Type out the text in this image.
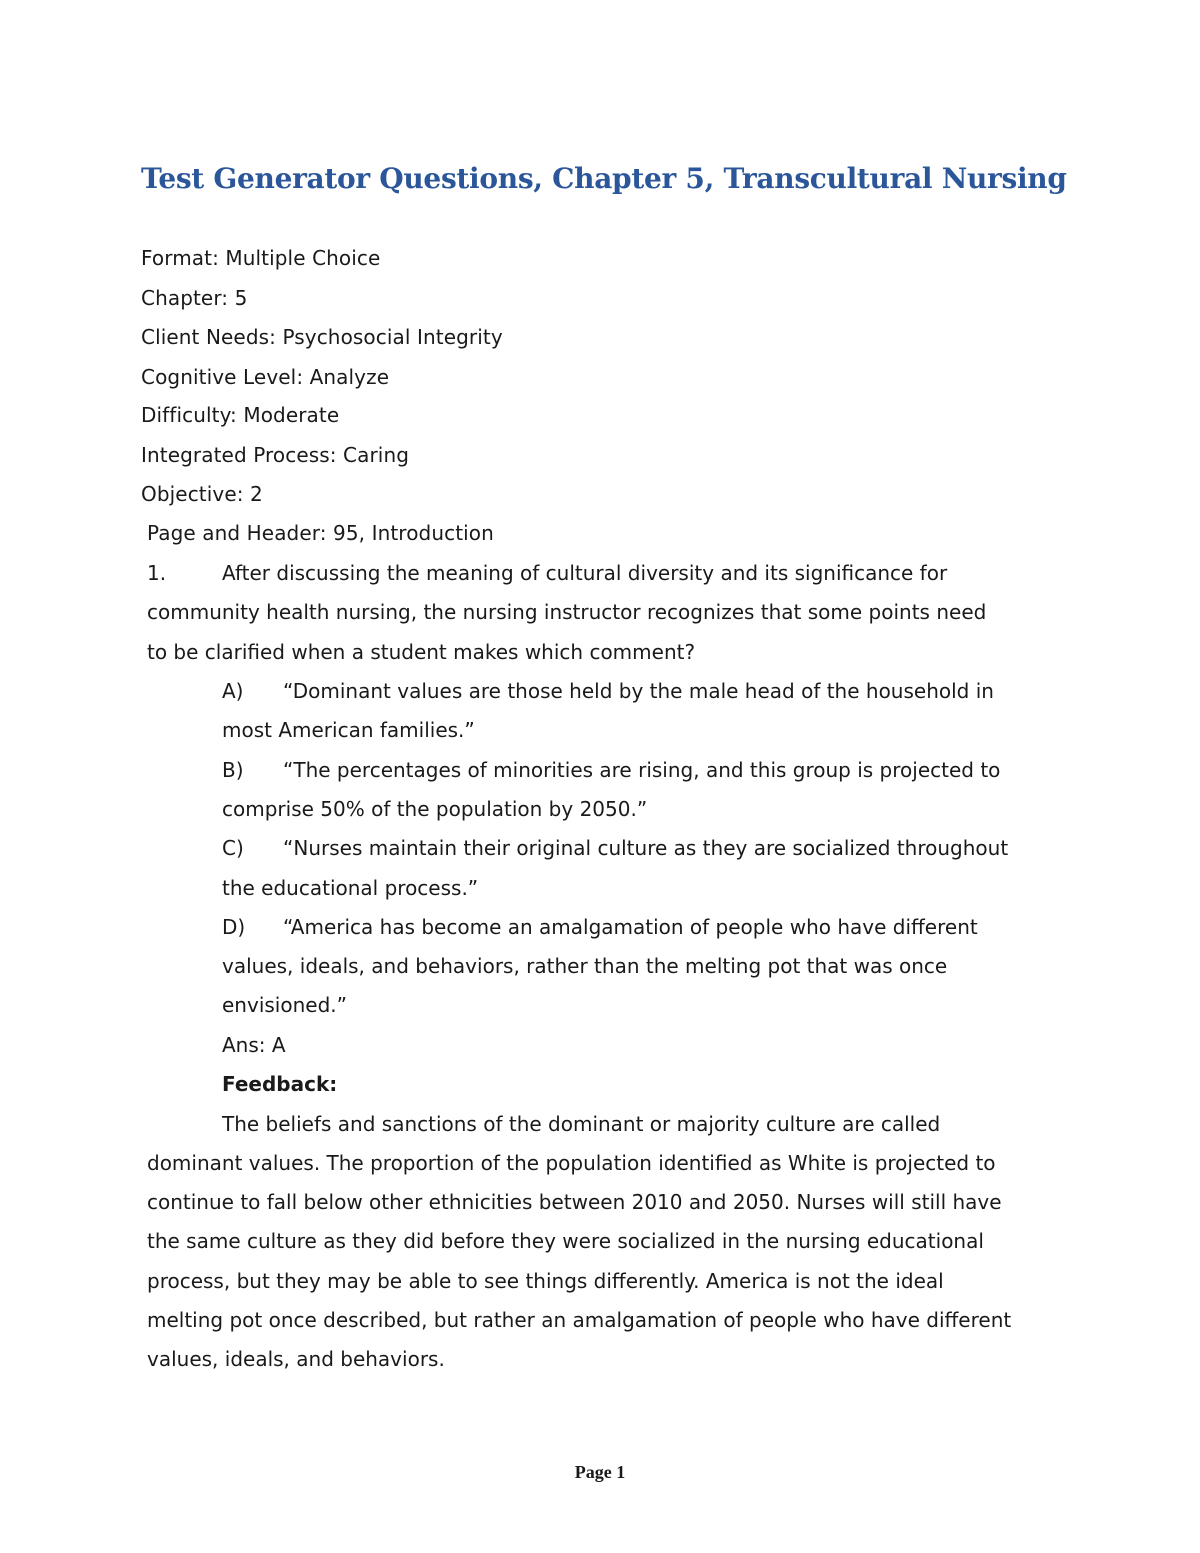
Test Generator Questions, Chapter 5, Transcultural Nursing
Format: Multiple Choice
Chapter: 5
Client Needs: Psychosocial Integrity
Cognitive Level: Analyze
Difficulty: Moderate
Integrated Process: Caring
Objective: 2
Page and Header: 95, Introduction
1.	After discussing the meaning of cultural diversity and its significance for
community health nursing, the nursing instructor recognizes that some points need
to be clarified when a student makes which comment?
A) “Dominant values are those held by the male head of the household in
most American families.”
B) “The percentages of minorities are rising, and this group is projected to
comprise 50% of the population by 2050.”
C) “Nurses maintain their original culture as they are socialized throughout
the educational process.”
D) “America has become an amalgamation of people who have different
values, ideals, and behaviors, rather than the melting pot that was once
envisioned.”
Ans: A
Feedback:
The beliefs and sanctions of the dominant or majority culture are called
dominant values. The proportion of the population identified as White is projected to
continue to fall below other ethnicities between 2010 and 2050. Nurses will still have
the same culture as they did before they were socialized in the nursing educational
process, but they may be able to see things differently. America is not the ideal
melting pot once described, but rather an amalgamation of people who have different
values, ideals, and behaviors.
Page 1
